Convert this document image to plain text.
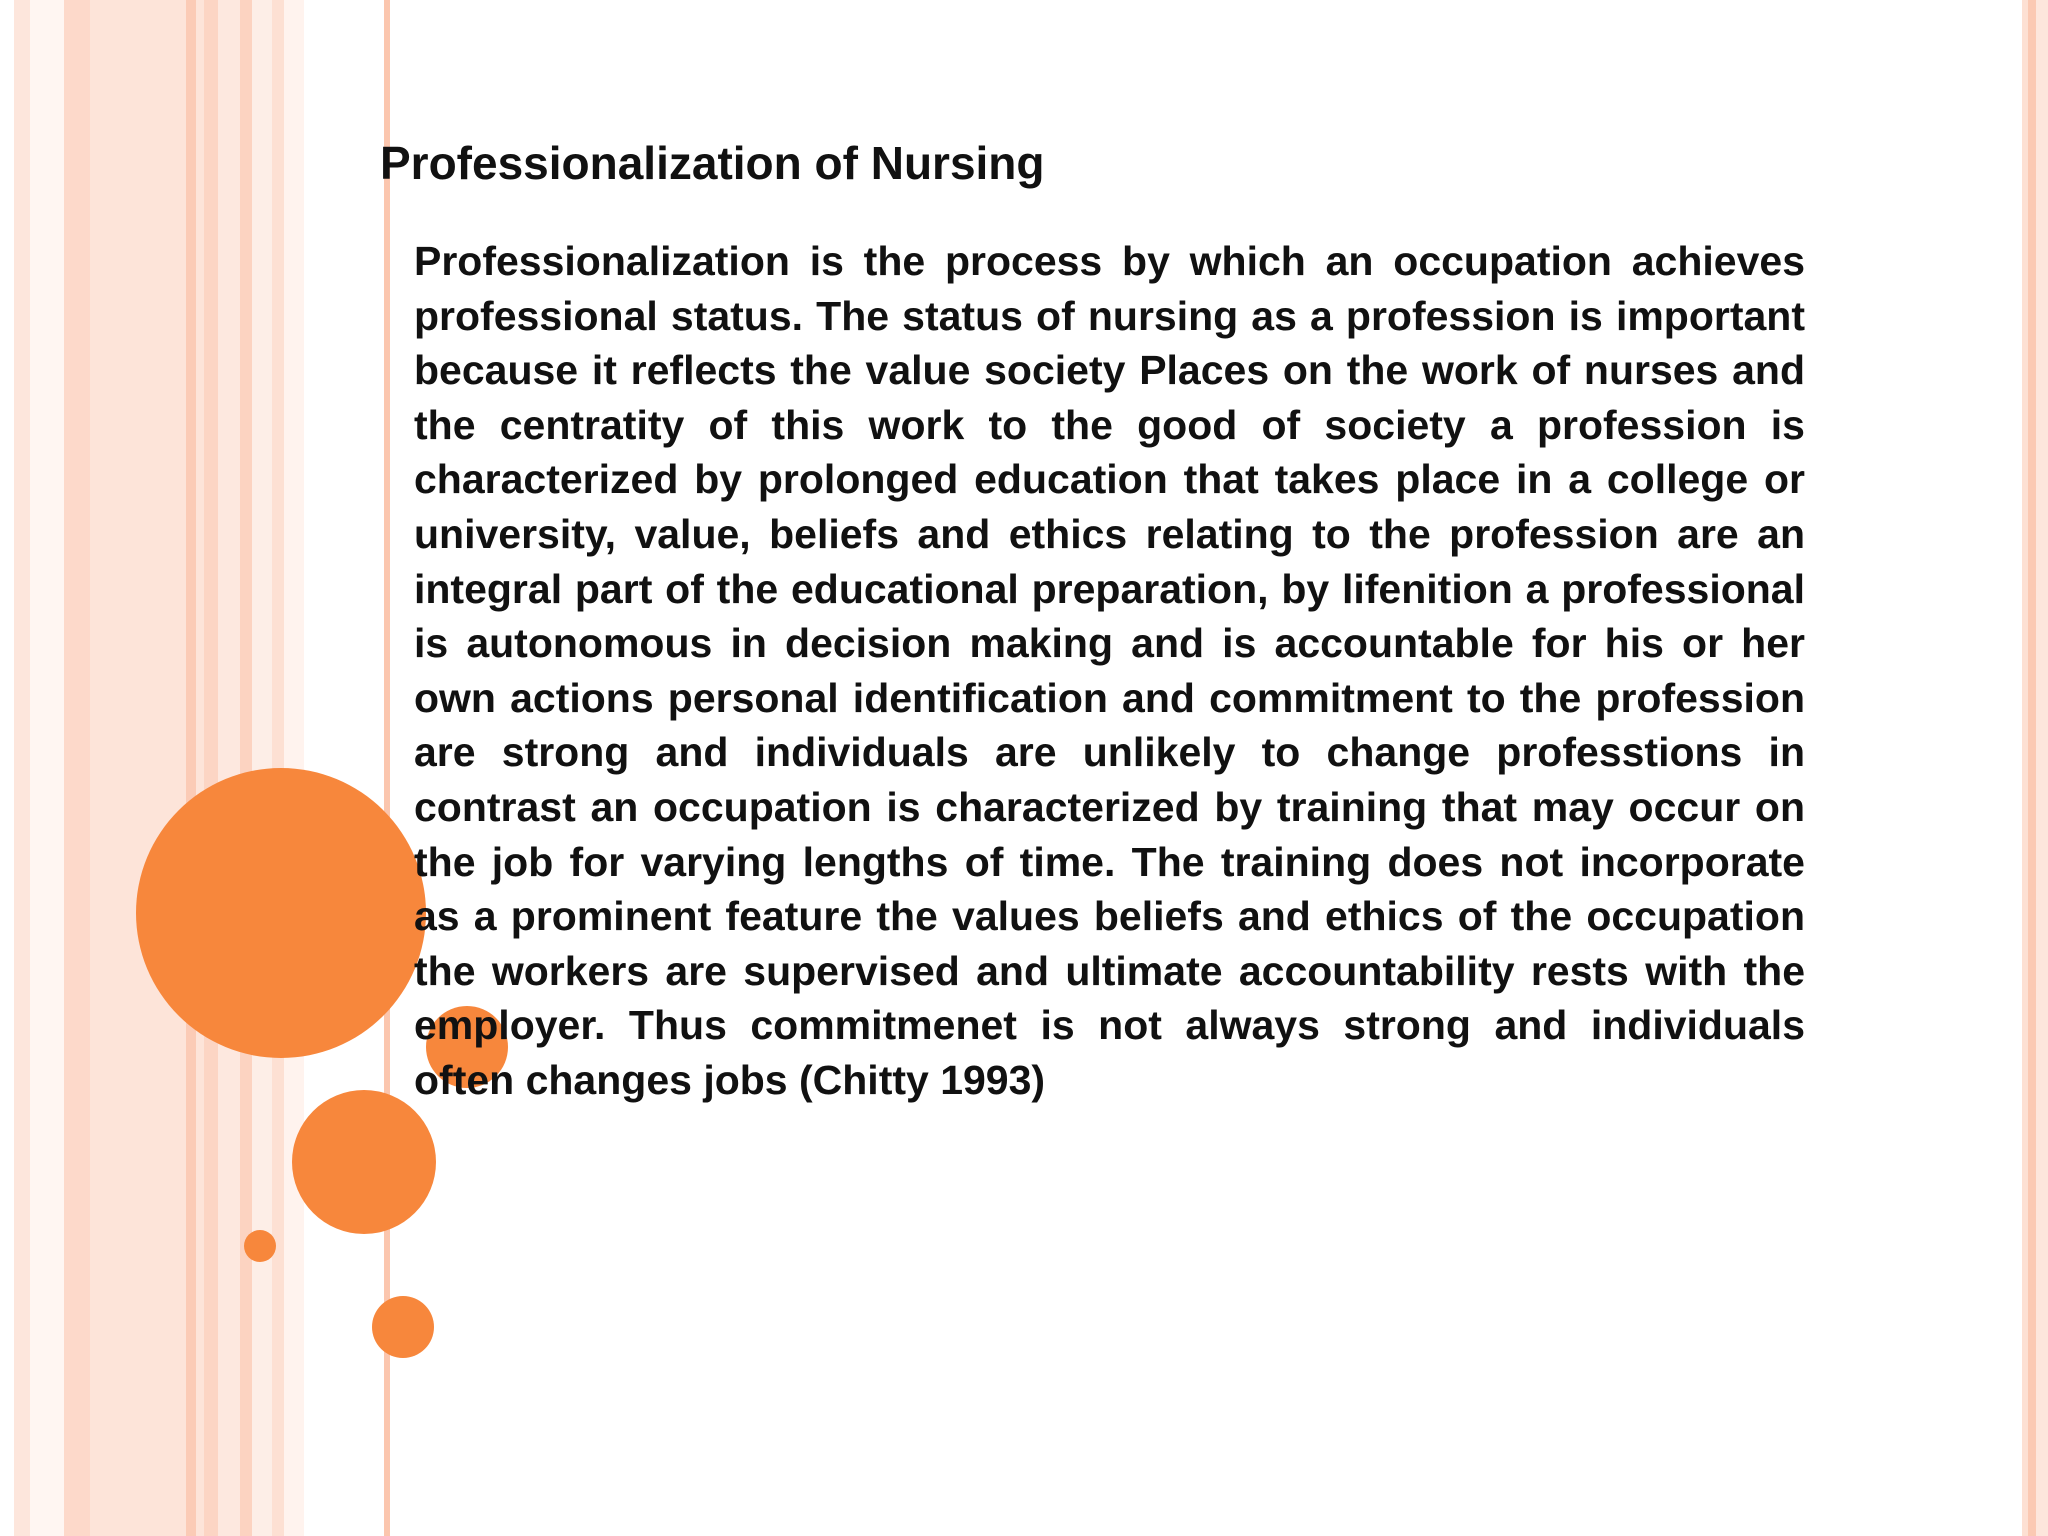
Professionalization of Nursing

Professionalization is the process by which an occupation achieves professional status. The status of nursing as a profession is important because it reflects the value society Places on the work of nurses and the centratity of this work to the good of society a profession is characterized by prolonged education that takes place in a college or university, value, beliefs and ethics relating to the profession are an integral part of the educational preparation, by lifenition a professional is autonomous in decision making and is accountable for his or her own actions personal identification and commitment to the profession are strong and individuals are unlikely to change professtions in contrast an occupation is characterized by training that may occur on the job for varying lengths of time. The training does not incorporate as a prominent feature the values beliefs and ethics of the occupation the workers are supervised and ultimate accountability rests with the employer. Thus commitmenet is not always strong and individuals often changes jobs (Chitty 1993)
